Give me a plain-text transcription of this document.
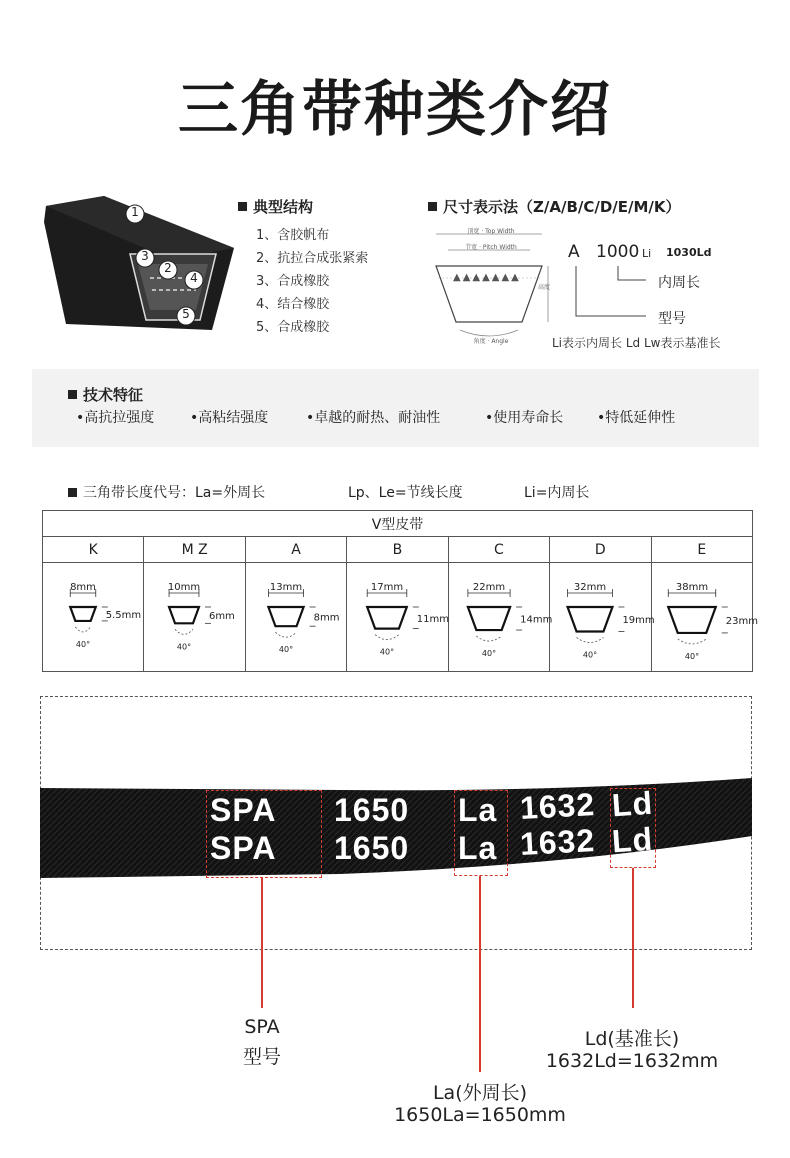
三角带种类介绍
1
3
2
4
5
典型结构
1、含胶帆布
2、抗拉合成张紧索
3、合成橡胶
4、结合橡胶
5、合成橡胶
尺寸表示法（Z/A/B/C/D/E/M/K）
顶宽 · Top Width
节宽 · Pitch Width
角度 · Angle
高度
▲▲▲▲▲▲▲
A 1000 Li 1030Ld
内周长
型号
Li表示内周长 Ld Lw表示基准长
技术特征
•高抗拉强度	•高粘结强度	•卓越的耐热、耐油性	•使用寿命长 •特低延伸性
三角带长度代号：La=外周长	Lp、Le=节线长度	Li=内周长
V型皮带						
K	M Z	A	B	C	D	E

8mm
5.5mm
40°	10mm
6mm
40°	13mm
8mm
40°	17mm
11mm
40°	22mm
14mm
40°	32mm
19mm
40°	38mm
23mm
40°
SPA
SPA
1650
1650
La
La
1632
1632
Ld
Ld
SPA
型号
La(外周长)
1650La=1650mm
Ld(基准长)
1632Ld=1632mm
